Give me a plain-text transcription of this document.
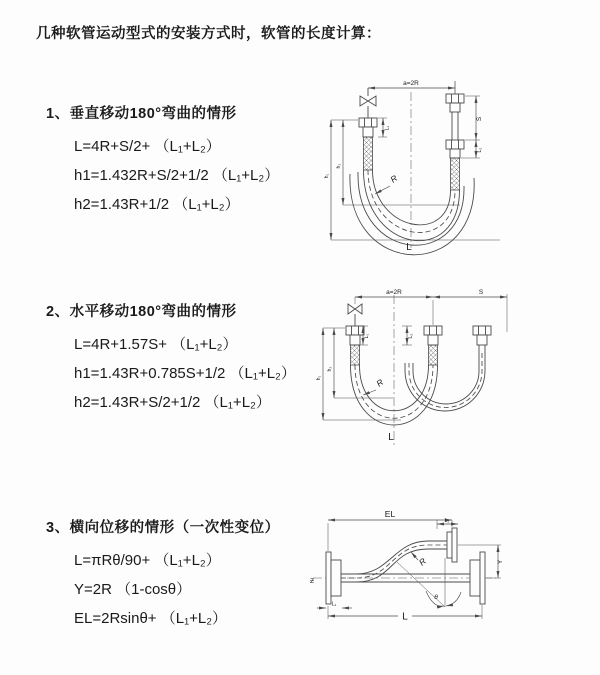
几种软管运动型式的安装方式时，软管的长度计算：
1、垂直移动180°弯曲的情形
L=4R+S/2+ （L₁+L₂）
h1=1.432R+S/2+1/2 （L₁+L₂）
h2=1.43R+1/2 （L₁+L₂）
2、水平移动180°弯曲的情形
L=4R+1.57S+ （L₁+L₂）
h1=1.43R+0.785S+1/2 （L₁+L₂）
h2=1.43R+S/2+1/2 （L₁+L₂）
3、横向位移的情形（一次性变位）
L=πRθ/90+ （L₁+L₂）
Y=2R （1-cosθ）
EL=2Rsinθ+ （L₁+L₂）
a=2R
S
L₂
L₁
h₁
h₂
R
L
a=2R	S
h₁
h₂
L₁	L₂
R
L
Ƶ
EL
L₂
Y
θ
R
L
L₁
